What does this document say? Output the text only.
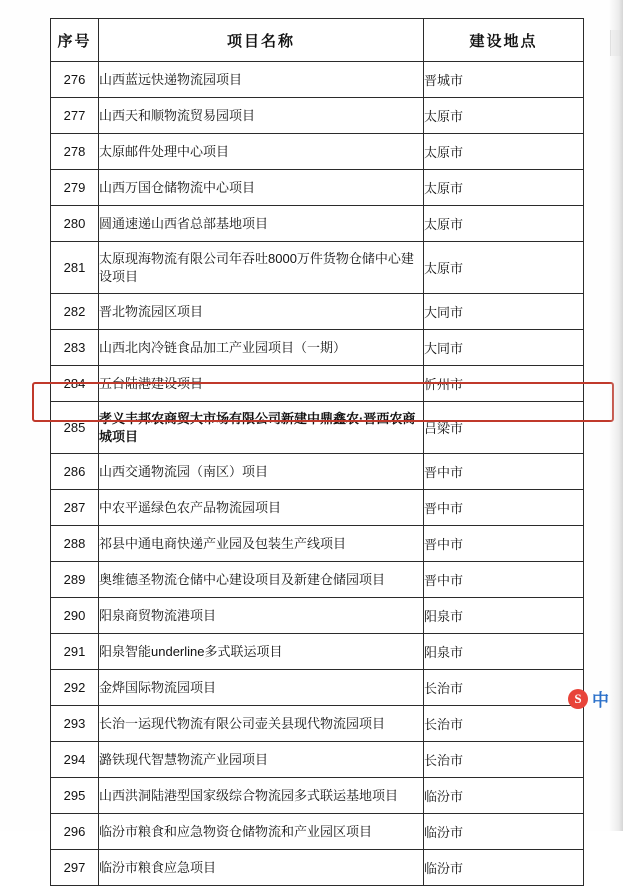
序号	项目名称	建设地点
276	山西蓝远快递物流园项目	晋城市
277	山西天和顺物流贸易园项目	太原市
278	太原邮件处理中心项目	太原市
279	山西万国仓储物流中心项目	太原市
280	圆通速递山西省总部基地项目	太原市
281	太原现海物流有限公司年吞吐8000万件货物仓储中心建设项目	太原市
282	晋北物流园区项目	大同市
283	山西北肉冷链食品加工产业园项目（一期）	大同市
284	五台陆港建设项目	忻州市
285	孝义丰邦农商贸大市场有限公司新建中鼎鑫农·晋西农商城项目	吕梁市
286	山西交通物流园（南区）项目	晋中市
287	中农平遥绿色农产品物流园项目	晋中市
288	祁县中通电商快递产业园及包装生产线项目	晋中市
289	奥维德圣物流仓储中心建设项目及新建仓储园项目	晋中市
290	阳泉商贸物流港项目	阳泉市
291	阳泉智能underline多式联运项目	阳泉市
292	金烨国际物流园项目	长治市
293	长治一运现代物流有限公司壶关县现代物流园项目	长治市
294	潞铁现代智慧物流产业园项目	长治市
295	山西洪洞陆港型国家级综合物流园多式联运基地项目	临汾市
296	临汾市粮食和应急物资仓储物流和产业园区项目	临汾市
297	临汾市粮食应急项目	临汾市
S 中
